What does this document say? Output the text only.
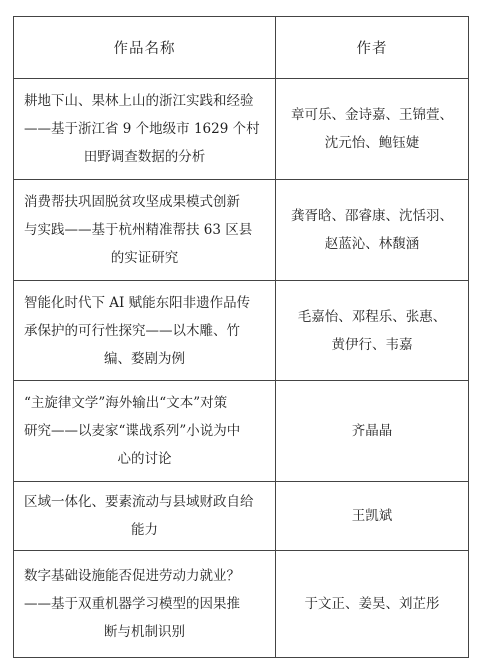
作品名称	作者

耕地下山、果林上山的浙江实践和经验
——基于浙江省 9 个地级市 1629 个村
田野调查数据的分析	章可乐、金诗嘉、王锦萱、
沈元怡、鲍钰婕

消费帮扶巩固脱贫攻坚成果模式创新
与实践——基于杭州精准帮扶 63 区县
的实证研究	龚胥晗、邵睿康、沈恬羽、
赵蓝沁、林馥涵

智能化时代下 AI 赋能东阳非遗作品传
承保护的可行性探究——以木雕、竹
编、婺剧为例	毛嘉怡、邓程乐、张惠、
黄伊行、韦嘉

“主旋律文学”海外输出“文本”对策
研究——以麦家“谍战系列”小说为中
心的讨论	齐晶晶

区域一体化、要素流动与县域财政自给
能力	王凯斌

数字基础设施能否促进劳动力就业？
——基于双重机器学习模型的因果推
断与机制识别	于文正、姜昊、刘芷彤
